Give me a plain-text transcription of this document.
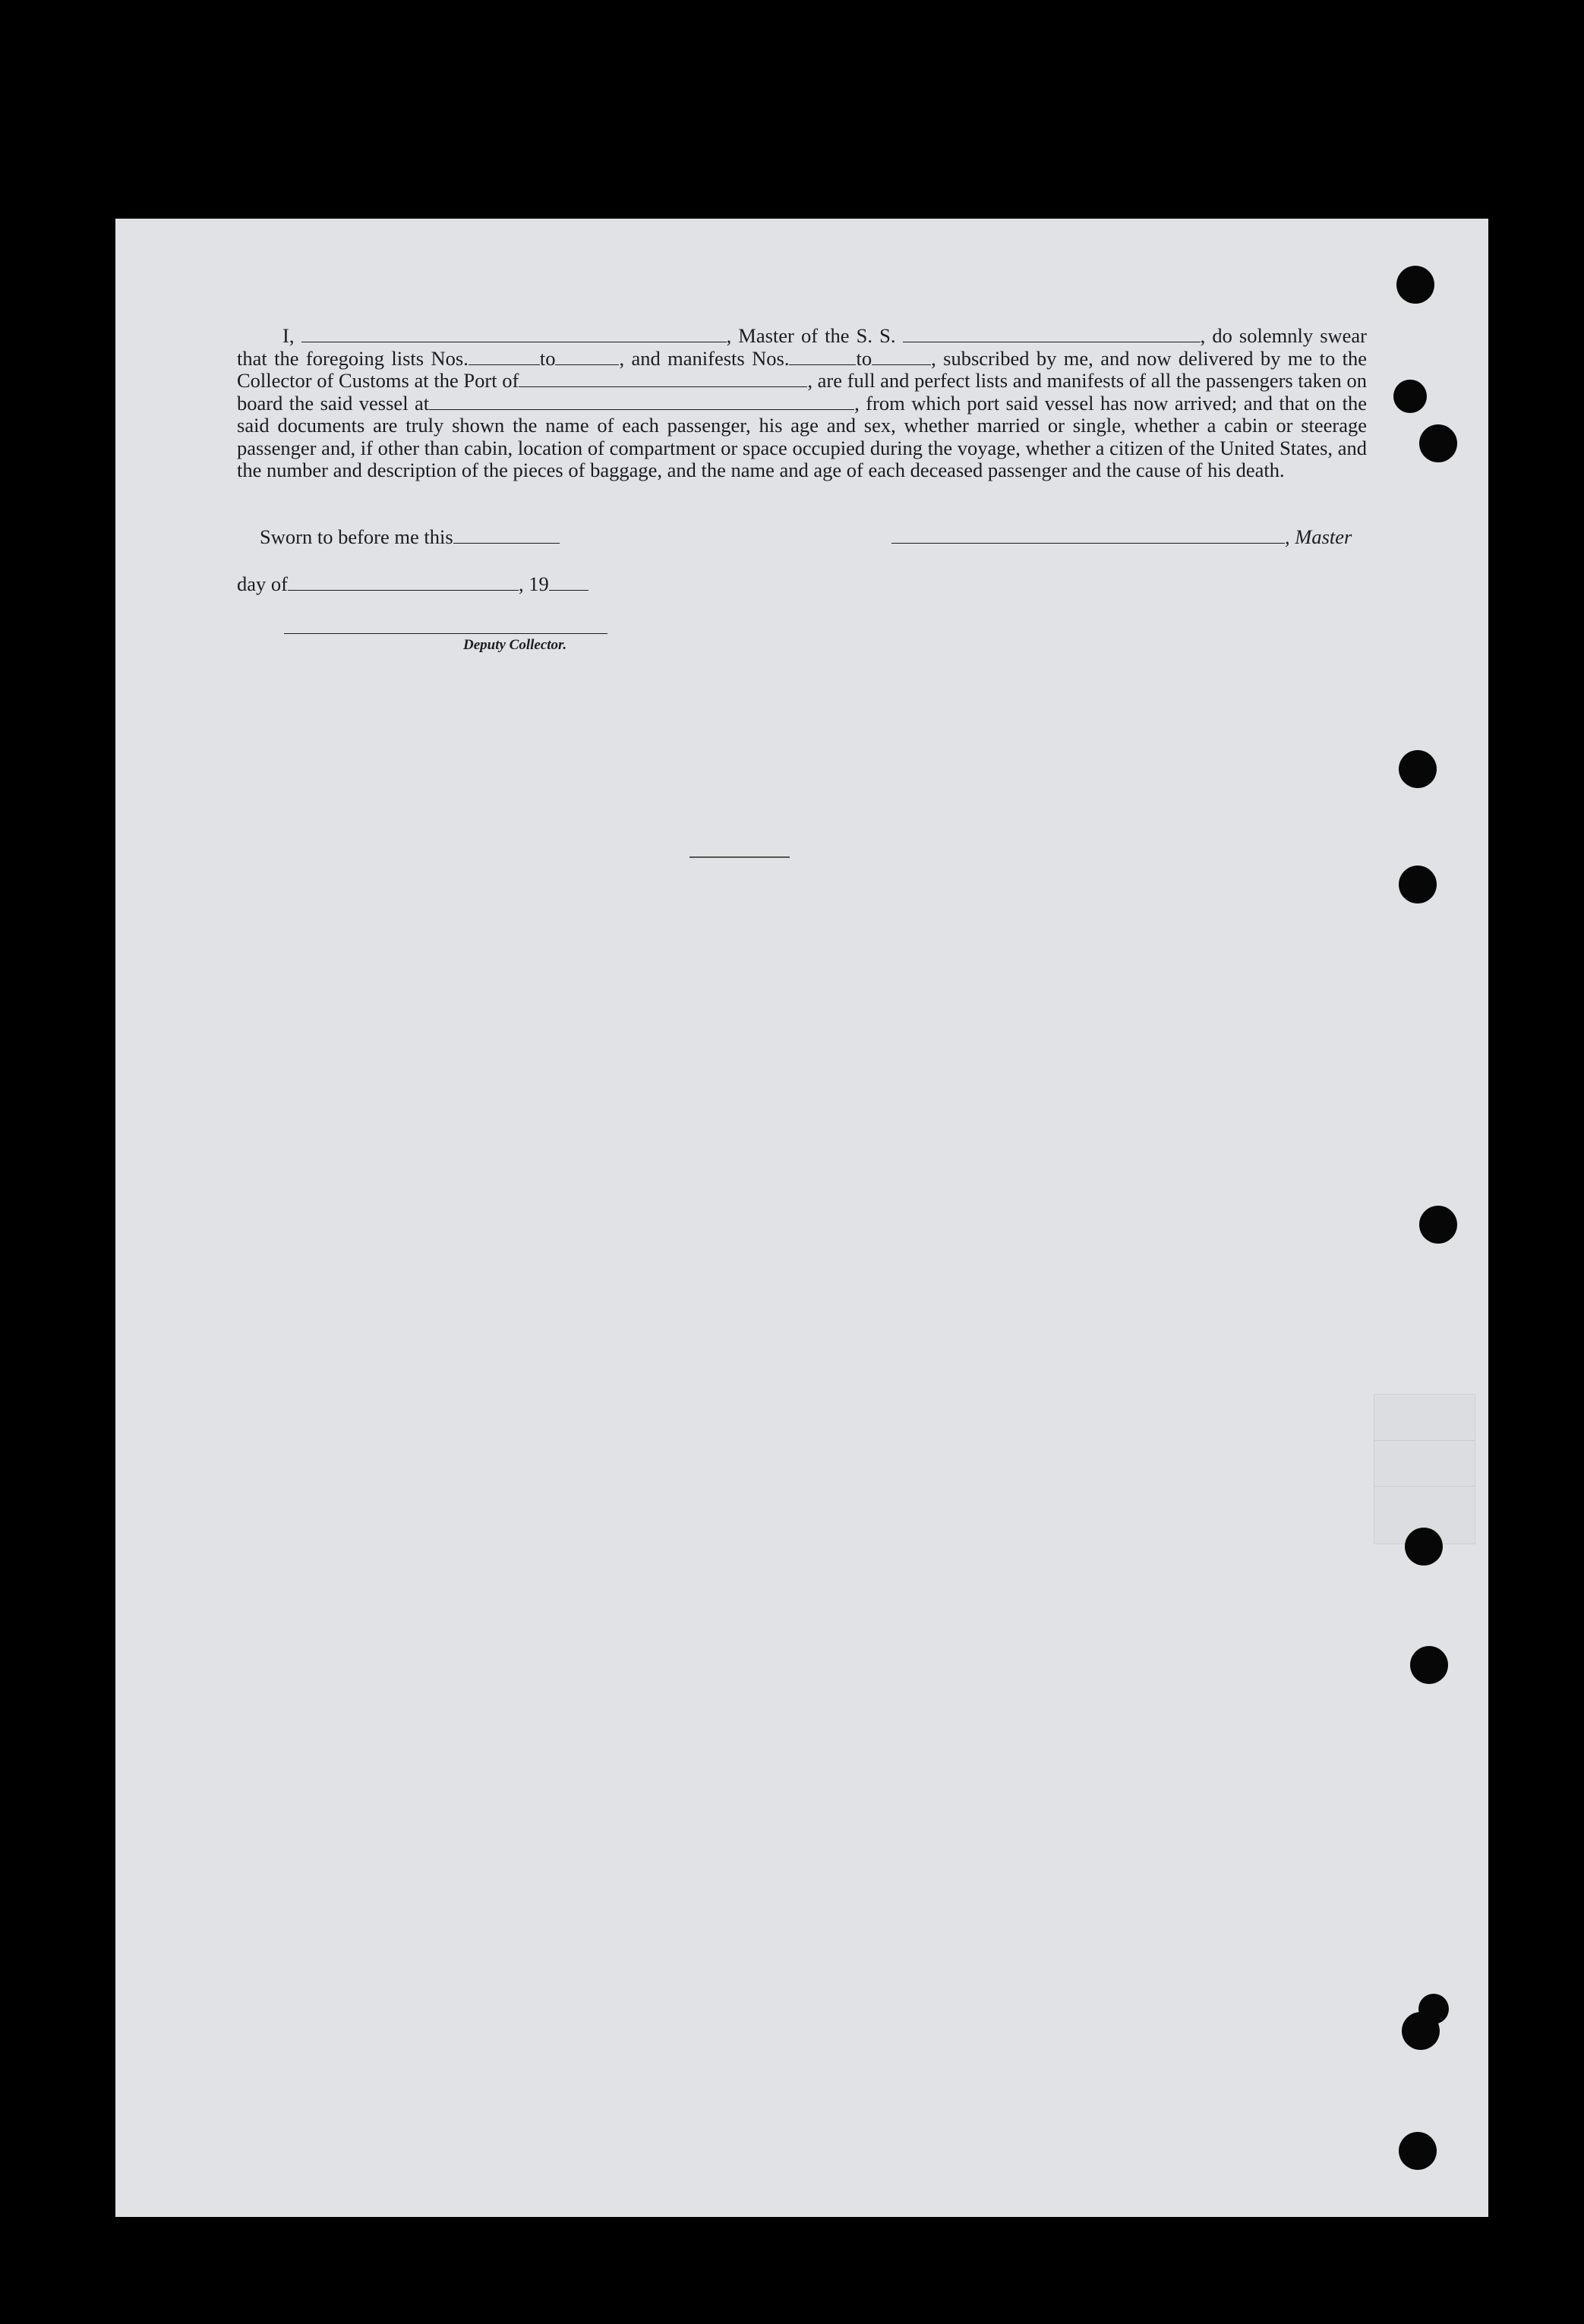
I,	, Master of the S. S.	, do solemnly swear that the foregoing lists Nos.	to	, and manifests Nos.	to	, subscribed by me, and now delivered by me to the Collector of Customs at the Port of	, are full and perfect lists and manifests of all the passengers taken on board the said vessel at	, from which port said vessel has now arrived; and that on the said documents are truly shown the name of each passenger, his age and sex, whether married or single, whether a cabin or steerage passenger and, if other than cabin, location of compartment or space occupied during the voyage, whether a citizen of the United States, and the number and description of the pieces of baggage, and the name and age of each deceased passenger and the cause of his death.

Sworn to before me this	, Master
day of	, 19
Deputy Collector.
